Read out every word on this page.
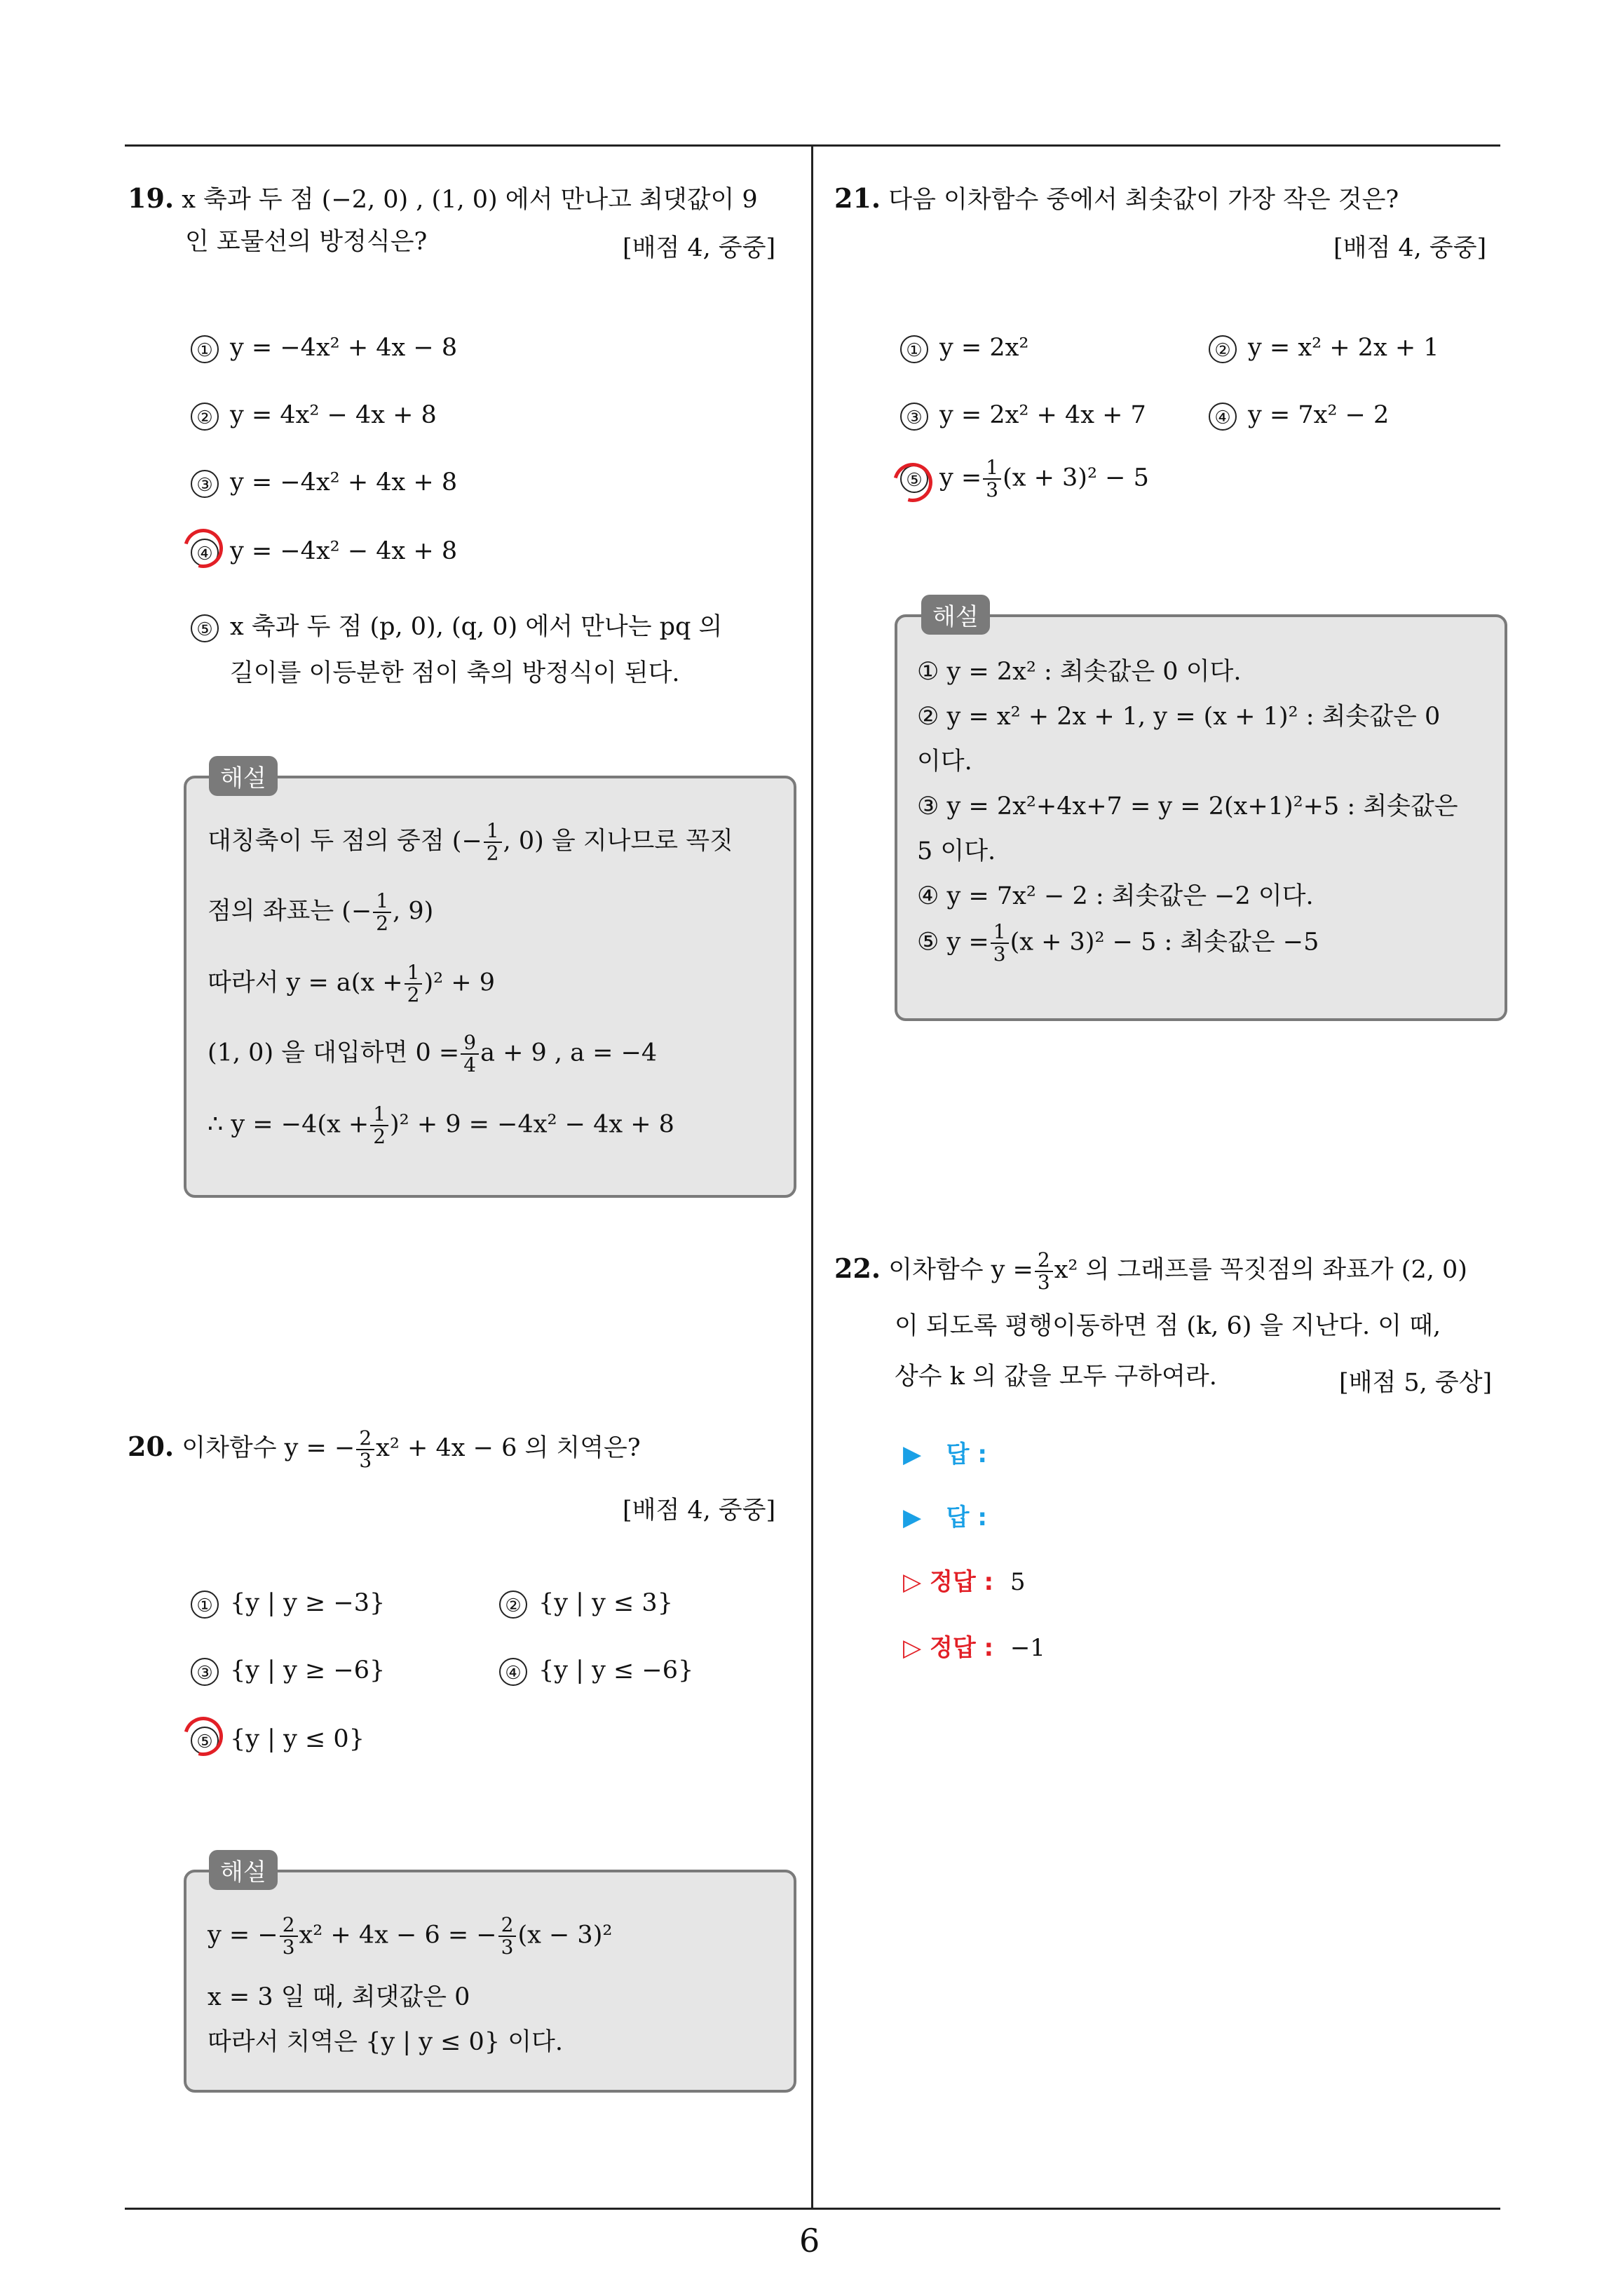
6
19. x 축과 두 점 (−2, 0) , (1, 0) 에서 만나고 최댓값이 9
인 포물선의 방정식은?	[배점 4, 중중]
① y = −4x² + 4x − 8
② y = 4x² − 4x + 8
③ y = −4x² + 4x + 8
④ y = −4x² − 4x + 8
⑤ x 축과 두 점 (p, 0), (q, 0) 에서 만나는 pq 의
길이를 이등분한 점이 축의 방정식이 된다.
해설
대칭축이 두 점의 중점 (− $\frac{1}{2}$ , 0) 을 지나므로 꼭짓
점의 좌표는 (− $\frac{1}{2}$ , 9)
따라서 $y = a(x + \frac{1}{2} )^2 + 9$
(1, 0) 을 대입하면 $0 = \frac{9}{4}$ a + 9 , a = −4
∴ $y = -4(x + \frac{1}{2} )^2 + 9 = -4x^2 - 4x + 8$
20. 이차함수 y = − $\frac{2}{3} x^2 + 4x - 6$ 의 치역은?
[배점 4, 중중]
① {y | y ≥ −3}	② {y | y ≤ 3}
③ {y | y ≥ −6}	④ {y | y ≤ −6}
⑤ {y | y ≤ 0}
해설
y = − $\frac{2}{3} x^2 + 4x - 6$ = − $\frac{2}{3} (x - 3)^2$
x = 3 일 때, 최댓값은 0
따라서 치역은 {y | y ≤ 0} 이다.
21. 다음 이차함수 중에서 최솟값이 가장 작은 것은?
[배점 4, 중중]
① y = 2x²	② y = x² + 2x + 1
③ y = 2x² + 4x + 7	④ y = 7x² − 2
⑤ $y = \frac{1}{3} (x + 3)^2 - 5$
해설
① y = 2x² : 최솟값은 0 이다.
② y = x² + 2x + 1, y = (x + 1)² : 최솟값은 0
이다.
③ y = 2x²+4x+7 = y = 2(x+1)²+5 : 최솟값은
5 이다.
④ y = 7x² − 2 : 최솟값은 −2 이다.
⑤ $y = \frac{1}{3} (x + 3)^2 - 5$ : 최솟값은 −5
22. 이차함수 $y = \frac{2}{3} x^2$ 의 그래프를 꼭짓점의 좌표가 (2, 0)
이 되도록 평행이동하면 점 (k, 6) 을 지난다. 이 때,
상수 k 의 값을 모두 구하여라.	[배점 5, 중상]
▶ 답 :
▶ 답 :
▷ 정답 : 5
▷ 정답 : −1
